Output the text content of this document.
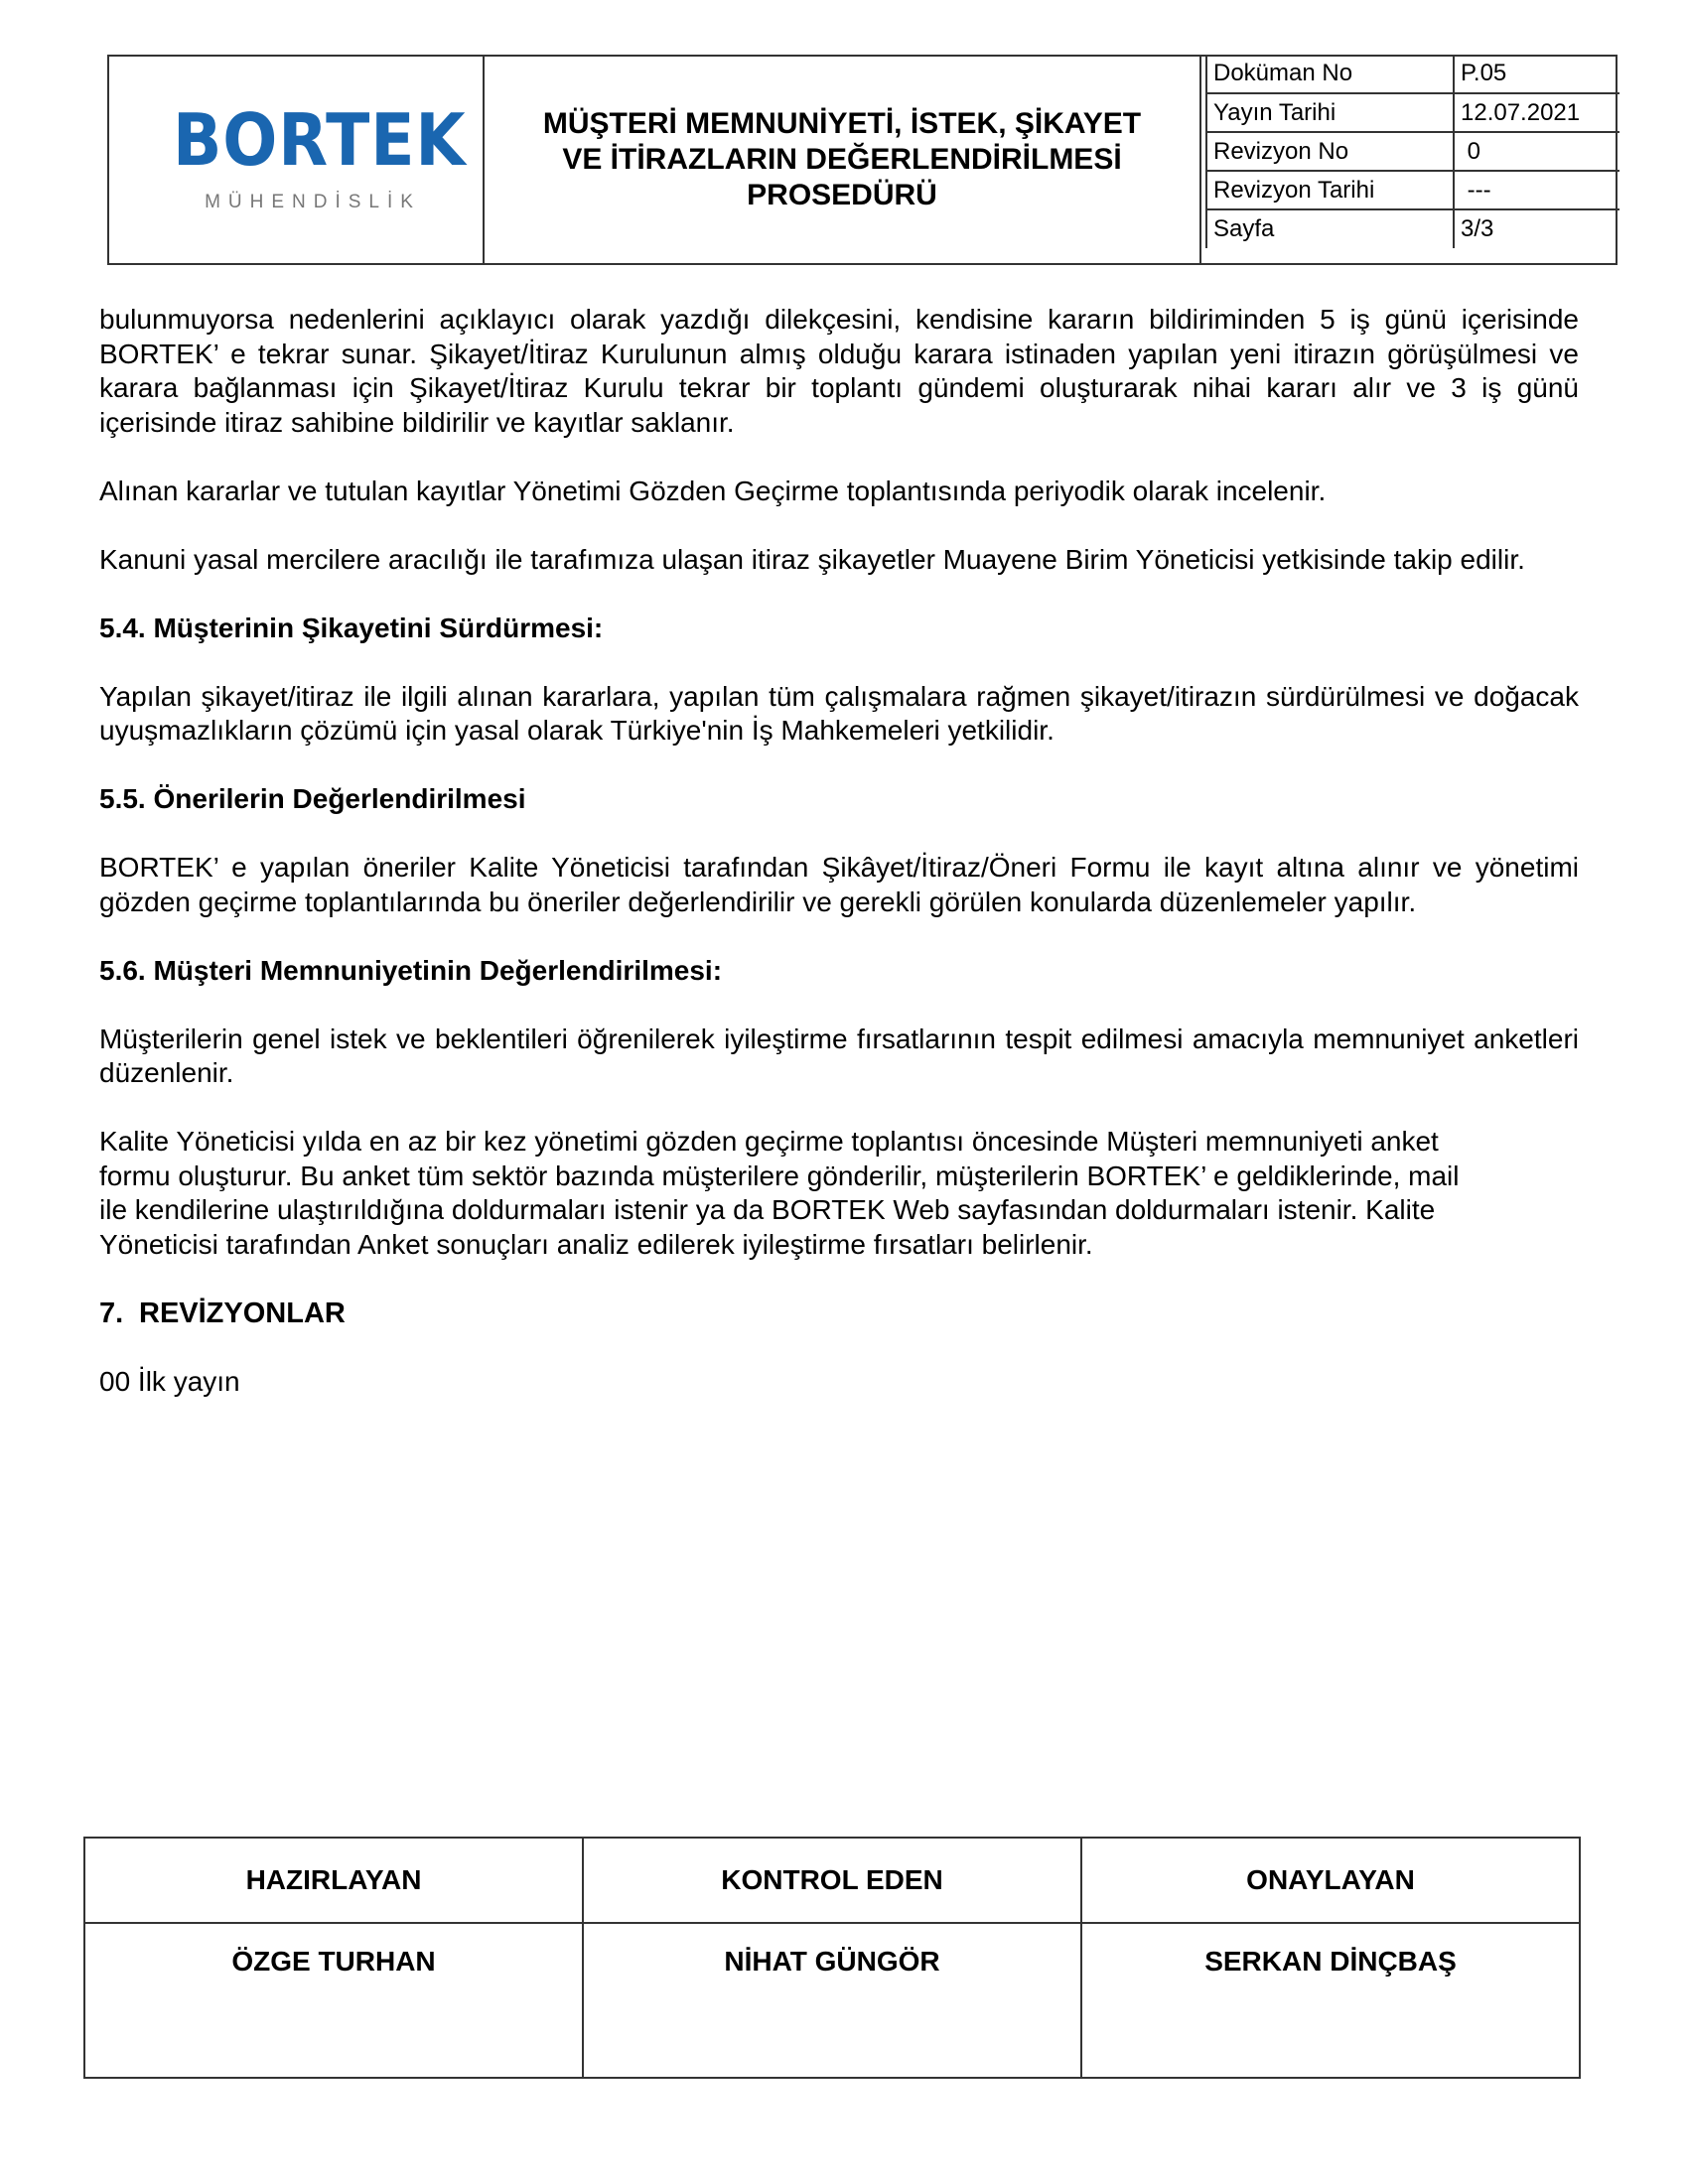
BORTEK
MÜHENDİSLİK
MÜŞTERİ MEMNUNİYETİ, İSTEK, ŞİKAYET
VE İTİRAZLARIN DEĞERLENDİRİLMESİ
PROSEDÜRÜ
Doküman No	P.05
Yayın Tarihi	12.07.2021
Revizyon No	0
Revizyon Tarihi	---
Sayfa	3/3

bulunmuyorsa nedenlerini açıklayıcı olarak yazdığı dilekçesini, kendisine kararın bildiriminden 5 iş günü içerisinde BORTEK’ e tekrar sunar. Şikayet/İtiraz Kurulunun almış olduğu karara istinaden yapılan yeni itirazın görüşülmesi ve karara bağlanması için Şikayet/İtiraz Kurulu tekrar bir toplantı gündemi oluşturarak nihai kararı alır ve 3 iş günü içerisinde itiraz sahibine bildirilir ve kayıtlar saklanır.

Alınan kararlar ve tutulan kayıtlar Yönetimi Gözden Geçirme toplantısında periyodik olarak incelenir.

Kanuni yasal mercilere aracılığı ile tarafımıza ulaşan itiraz şikayetler Muayene Birim Yöneticisi yetkisinde takip edilir.

5.4. Müşterinin Şikayetini Sürdürmesi:

Yapılan şikayet/itiraz ile ilgili alınan kararlara, yapılan tüm çalışmalara rağmen şikayet/itirazın sürdürülmesi ve doğacak uyuşmazlıkların çözümü için yasal olarak Türkiye'nin İş Mahkemeleri yetkilidir.

5.5. Önerilerin Değerlendirilmesi

BORTEK’ e yapılan öneriler Kalite Yöneticisi tarafından Şikâyet/İtiraz/Öneri Formu ile kayıt altına alınır ve yönetimi gözden geçirme toplantılarında bu öneriler değerlendirilir ve gerekli görülen konularda düzenlemeler yapılır.

5.6. Müşteri Memnuniyetinin Değerlendirilmesi:

Müşterilerin genel istek ve beklentileri öğrenilerek iyileştirme fırsatlarının tespit edilmesi amacıyla memnuniyet anketleri düzenlenir.

Kalite Yöneticisi yılda en az bir kez yönetimi gözden geçirme toplantısı öncesinde Müşteri memnuniyeti anket
formu oluşturur. Bu anket tüm sektör bazında müşterilere gönderilir, müşterilerin BORTEK’ e geldiklerinde, mail
ile kendilerine ulaştırıldığına doldurmaları istenir ya da BORTEK Web sayfasından doldurmaları istenir. Kalite
Yöneticisi tarafından Anket sonuçları analiz edilerek iyileştirme fırsatları belirlenir.

7. REVİZYONLAR

00 İlk yayın

HAZIRLAYAN	KONTROL EDEN	ONAYLAYAN
ÖZGE TURHAN	NİHAT GÜNGÖR	SERKAN DİNÇBAŞ
